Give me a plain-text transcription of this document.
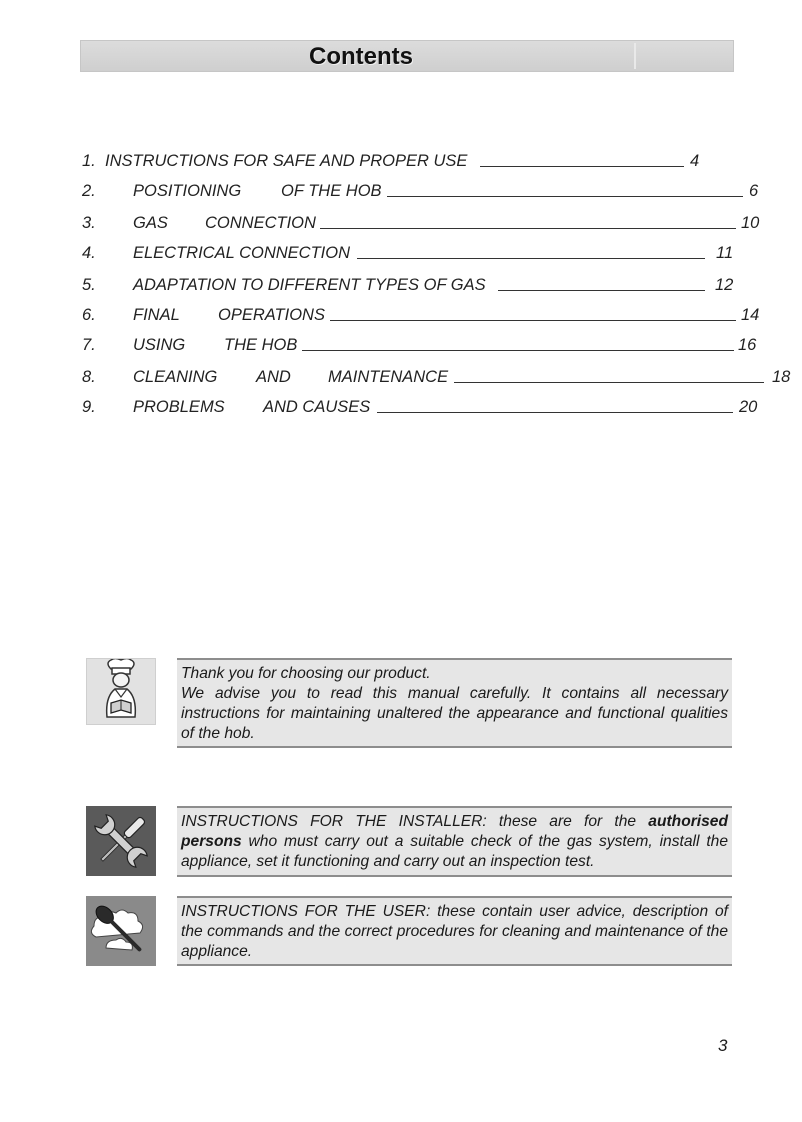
Contents
1. INSTRUCTIONS FOR SAFE AND PROPER USE	4
2. POSITIONING OF THE HOB	6
3. GAS CONNECTION	10
4. ELECTRICAL CONNECTION	11
5. ADAPTATION TO DIFFERENT TYPES OF GAS	12
6. FINAL OPERATIONS	14
7. USING THE HOB	16
8. CLEANING AND MAINTENANCE	18
9. PROBLEMS AND CAUSES	20

Thank you for choosing our product.

We advise you to read this manual carefully. It contains all necessary instructions for maintaining unaltered the appearance and functional qualities of the hob.

INSTRUCTIONS FOR THE INSTALLER: these are for the authorised persons who must carry out a suitable check of the gas system, install the appliance, set it functioning and carry out an inspection test.

INSTRUCTIONS FOR THE USER: these contain user advice, description of the commands and the correct procedures for cleaning and maintenance of the appliance.

3
